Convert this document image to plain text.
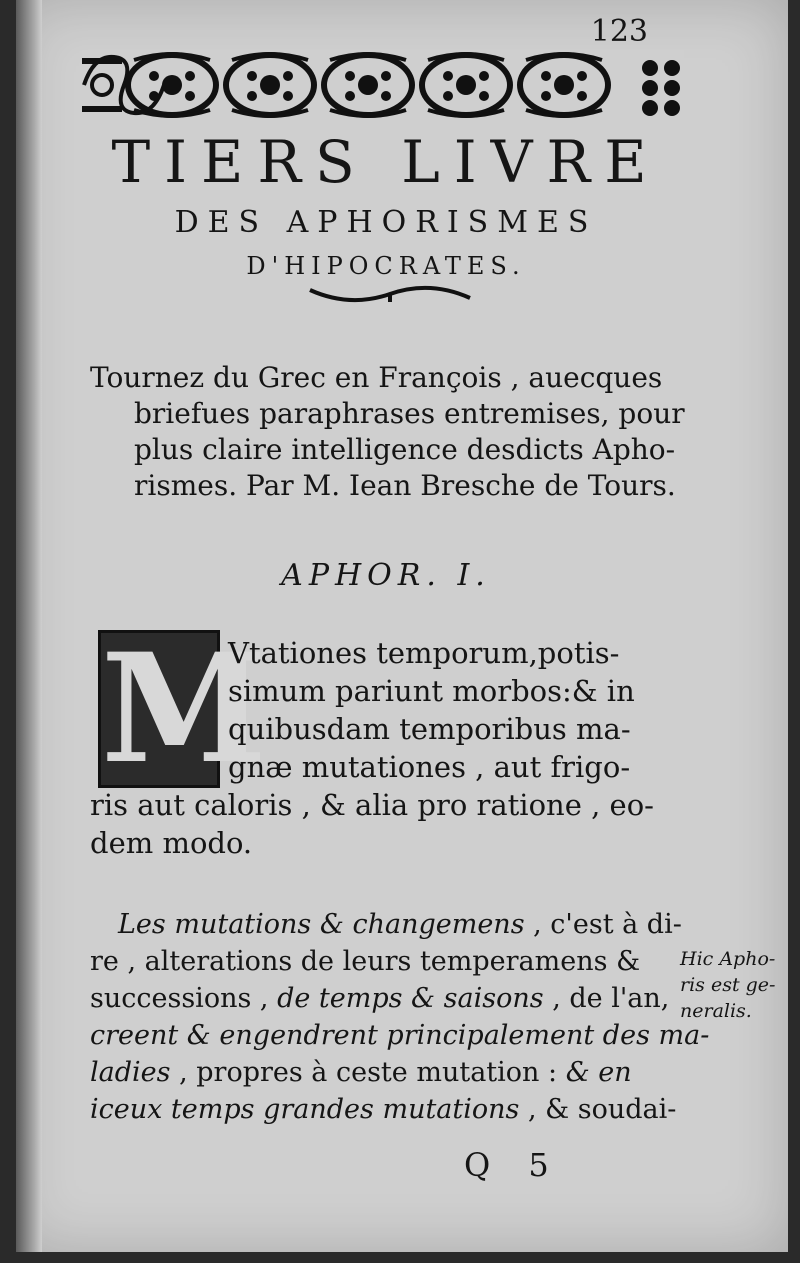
123
TIERS LIVRE
DES APHORISMES
D'HIPOCRATES.
Tournez du Grec en François , auecques
briefues paraphrases entremises, pour
plus claire intelligence desdicts Apho-
rismes. Par M. Iean Bresche de Tours.
APHOR. I.
M
Vtationes temporum,potis-
simum pariunt morbos:& in
quibusdam temporibus ma-
gnæ mutationes , aut frigo-
ris aut caloris , & alia pro ratione , eo-
dem modo.
Les mutations & changemens , c'est à di-
re , alterations de leurs temperamens &
successions , de temps & saisons , de l'an,
creent & engendrent principalement des ma-
ladies , propres à ceste mutation : & en
iceux temps grandes mutations , & soudai-
Hic Apho-
ris est ge-
neralis.
Q 5
